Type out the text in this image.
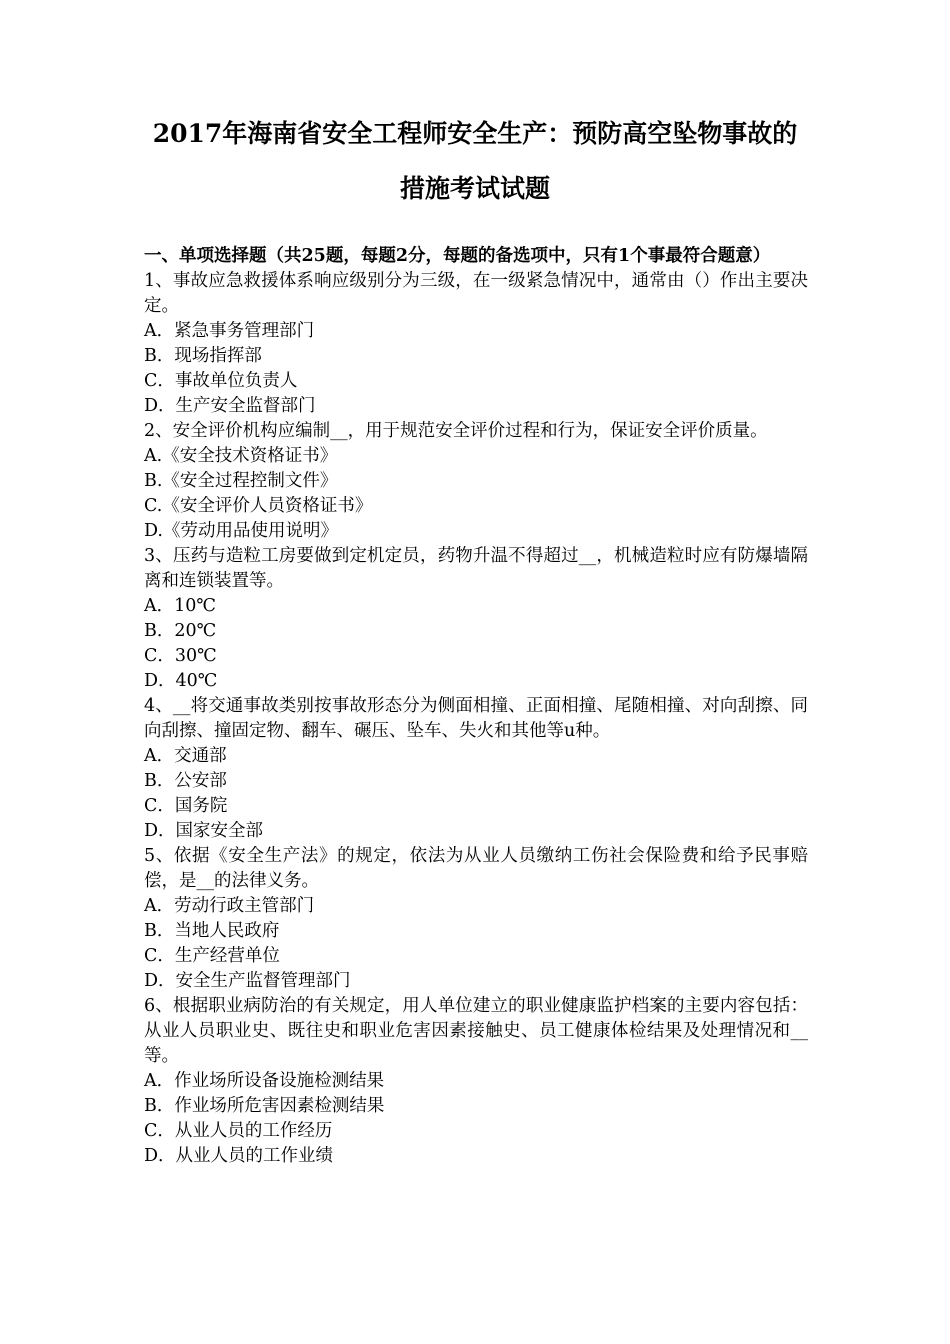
2017年海南省安全工程师安全生产：预防高空坠物事故的
措施考试试题

一、单项选择题（共25题，每题2分，每题的备选项中，只有1个事最符合题意）

1、事故应急救援体系响应级别分为三级，在一级紧急情况中，通常由（）作出主要决定。

A．紧急事务管理部门

B．现场指挥部

C．事故单位负责人

D．生产安全监督部门

2、安全评价机构应编制__，用于规范安全评价过程和行为，保证安全评价质量。

A.《安全技术资格证书》

B.《安全过程控制文件》

C.《安全评价人员资格证书》

D.《劳动用品使用说明》

3、压药与造粒工房要做到定机定员，药物升温不得超过__，机械造粒时应有防爆墙隔离和连锁装置等。

A．10℃

B．20℃

C．30℃

D．40℃

4、__将交通事故类别按事故形态分为侧面相撞、正面相撞、尾随相撞、对向刮擦、同向刮擦、撞固定物、翻车、碾压、坠车、失火和其他等u种。

A．交通部

B．公安部

C．国务院

D．国家安全部

5、依据《安全生产法》的规定，依法为从业人员缴纳工伤社会保险费和给予民事赔偿，是__的法律义务。

A．劳动行政主管部门

B．当地人民政府

C．生产经营单位

D．安全生产监督管理部门

6、根据职业病防治的有关规定，用人单位建立的职业健康监护档案的主要内容包括：从业人员职业史、既往史和职业危害因素接触史、员工健康体检结果及处理情况和__等。

A．作业场所设备设施检测结果

B．作业场所危害因素检测结果

C．从业人员的工作经历

D．从业人员的工作业绩
